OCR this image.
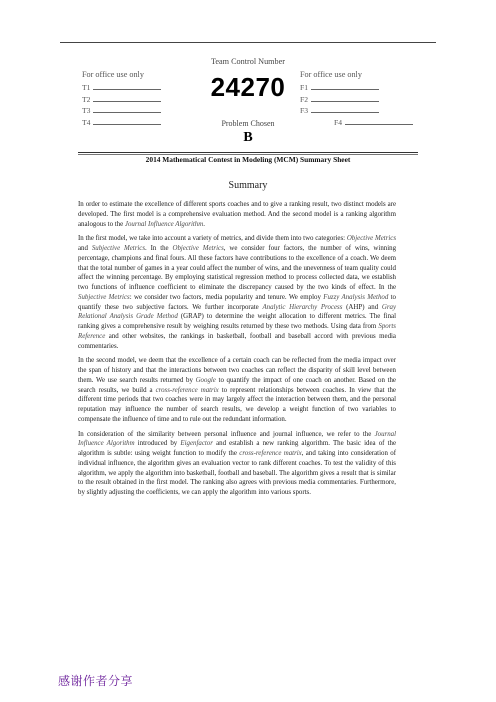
For office use only
T1
T2
T3
T4
Team Control Number
24270
Problem Chosen
B
For office use only
F1
F2
F3
F4
2014 Mathematical Contest in Modeling (MCM) Summary Sheet
Summary

In order to estimate the excellence of different sports coaches and to give a ranking result, two distinct models are developed. The first model is a comprehensive evaluation method. And the second model is a ranking algorithm analogous to the Journal Influence Algorithm.

In the first model, we take into account a variety of metrics, and divide them into two categories: Objective Metrics and Subjective Metrics. In the Objective Metrics, we consider four factors, the number of wins, winning percentage, champions and final fours. All these factors have contributions to the excellence of a coach. We deem that the total number of games in a year could affect the number of wins, and the unevenness of team quality could affect the winning percentage. By employing statistical regression method to process collected data, we establish two functions of influence coefficient to eliminate the discrepancy caused by the two kinds of effect. In the Subjective Metrics: we consider two factors, media popularity and tenure. We employ Fuzzy Analysis Method to quantify these two subjective factors. We further incorporate Analytic Hierarchy Process (AHP) and Gray Relational Analysis Grade Method (GRAP) to determine the weight allocation to different metrics. The final ranking gives a comprehensive result by weighing results returned by these two methods. Using data from Sports Reference and other websites, the rankings in basketball, football and baseball accord with previous media commentaries.

In the second model, we deem that the excellence of a certain coach can be reflected from the media impact over the span of history and that the interactions between two coaches can reflect the disparity of skill level between them. We use search results returned by Google to quantify the impact of one coach on another. Based on the search results, we build a cross-reference matrix to represent relationships between coaches. In view that the different time periods that two coaches were in may largely affect the interaction between them, and the personal reputation may influence the number of search results, we develop a weight function of two variables to compensate the influence of time and to rule out the redundant information.

In consideration of the similarity between personal influence and journal influence, we refer to the Journal Influence Algorithm introduced by Eigenfactor and establish a new ranking algorithm. The basic idea of the algorithm is subtle: using weight function to modify the cross-reference matrix, and taking into consideration of individual influence, the algorithm gives an evaluation vector to rank different coaches. To test the validity of this algorithm, we apply the algorithm into basketball, football and baseball. The algorithm gives a result that is similar to the result obtained in the first model. The ranking also agrees with previous media commentaries. Furthermore, by slightly adjusting the coefficients, we can apply the algorithm into various sports.

感谢作者分享
